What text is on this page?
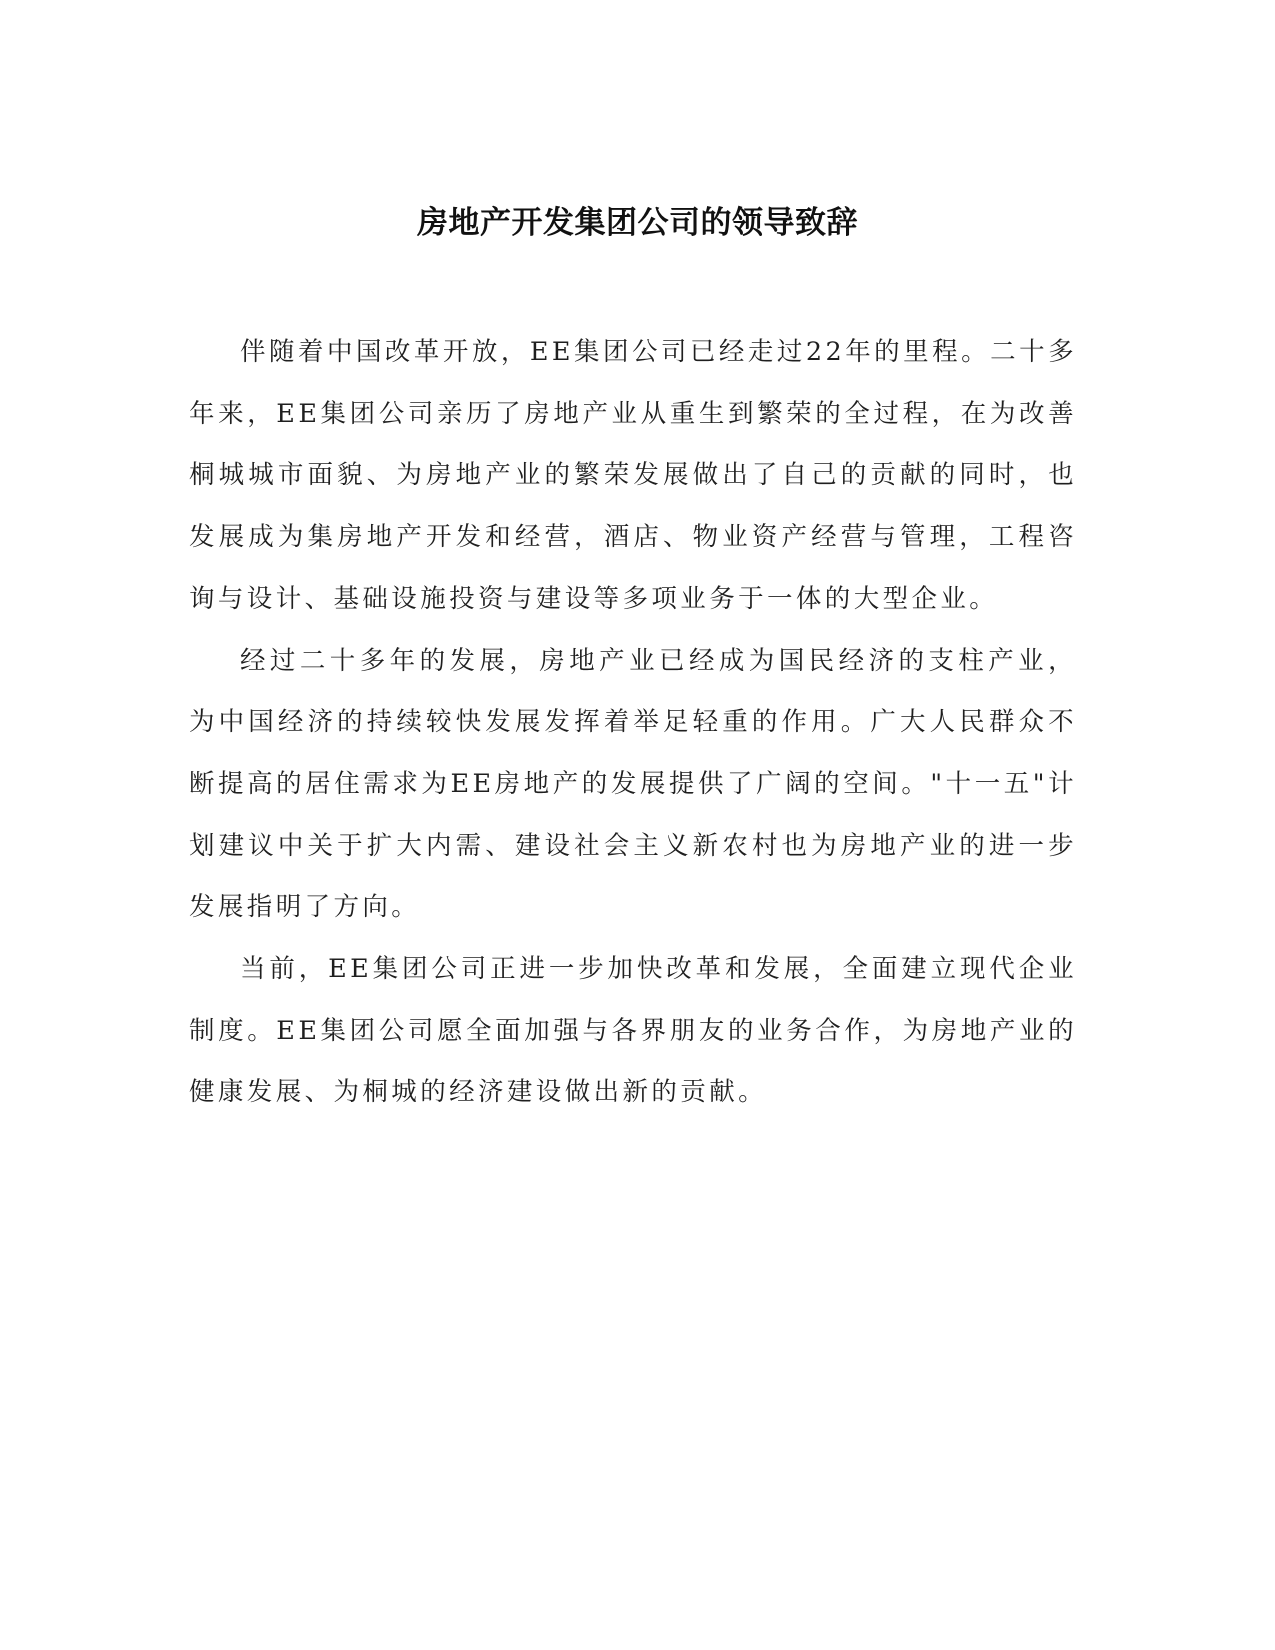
房地产开发集团公司的领导致辞

伴随着中国改革开放，EE集团公司已经走过22年的里程。二十多年来，EE集团公司亲历了房地产业从重生到繁荣的全过程，在为改善桐城城市面貌、为房地产业的繁荣发展做出了自己的贡献的同时，也发展成为集房地产开发和经营，酒店、物业资产经营与管理，工程咨询与设计、基础设施投资与建设等多项业务于一体的大型企业。

经过二十多年的发展，房地产业已经成为国民经济的支柱产业，为中国经济的持续较快发展发挥着举足轻重的作用。广大人民群众不断提高的居住需求为EE房地产的发展提供了广阔的空间。"十一五"计划建议中关于扩大内需、建设社会主义新农村也为房地产业的进一步发展指明了方向。

当前，EE集团公司正进一步加快改革和发展，全面建立现代企业制度。EE集团公司愿全面加强与各界朋友的业务合作，为房地产业的健康发展、为桐城的经济建设做出新的贡献。
